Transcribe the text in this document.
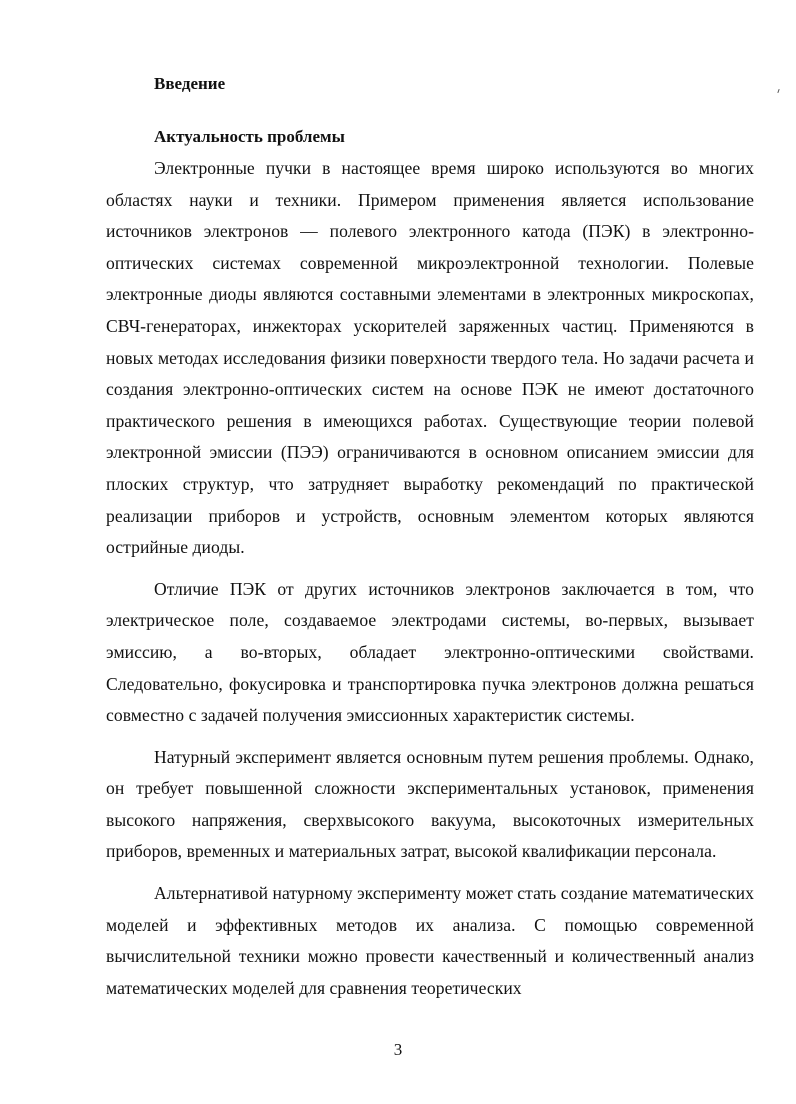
Введение
Актуальность проблемы

Электронные пучки в настоящее время широко используются во многих областях науки и техники. Примером применения является использование источников электронов — полевого электронного катода (ПЭК) в электронно-оптических системах современной микроэлектронной технологии. Полевые электронные диоды являются составными элементами в электронных микроскопах, СВЧ-генераторах, инжекторах ускорителей заряженных частиц. Применяются в новых методах исследования физики поверхности твердого тела. Но задачи расчета и создания электронно-оптических систем на основе ПЭК не имеют достаточного практического решения в имеющихся работах. Существующие теории полевой электронной эмиссии (ПЭЭ) ограничиваются в основном описанием эмиссии для плоских структур, что затрудняет выработку рекомендаций по практической реализации приборов и устройств, основным элементом которых являются острийные диоды.

Отличие ПЭК от других источников электронов заключается в том, что электрическое поле, создаваемое электродами системы, во-первых, вызывает эмиссию, а во-вторых, обладает электронно-оптическими свойствами. Следовательно, фокусировка и транспортировка пучка электронов должна решаться совместно с задачей получения эмиссионных характеристик системы.

Натурный эксперимент является основным путем решения проблемы. Однако, он требует повышенной сложности экспериментальных установок, применения высокого напряжения, сверхвысокого вакуума, высокоточных измерительных приборов, временных и материальных затрат, высокой квалификации персонала.

Альтернативой натурному эксперименту может стать создание математических моделей и эффективных методов их анализа. С помощью современной вычислительной техники можно провести качественный и количественный анализ математических моделей для сравнения теоретических

3
